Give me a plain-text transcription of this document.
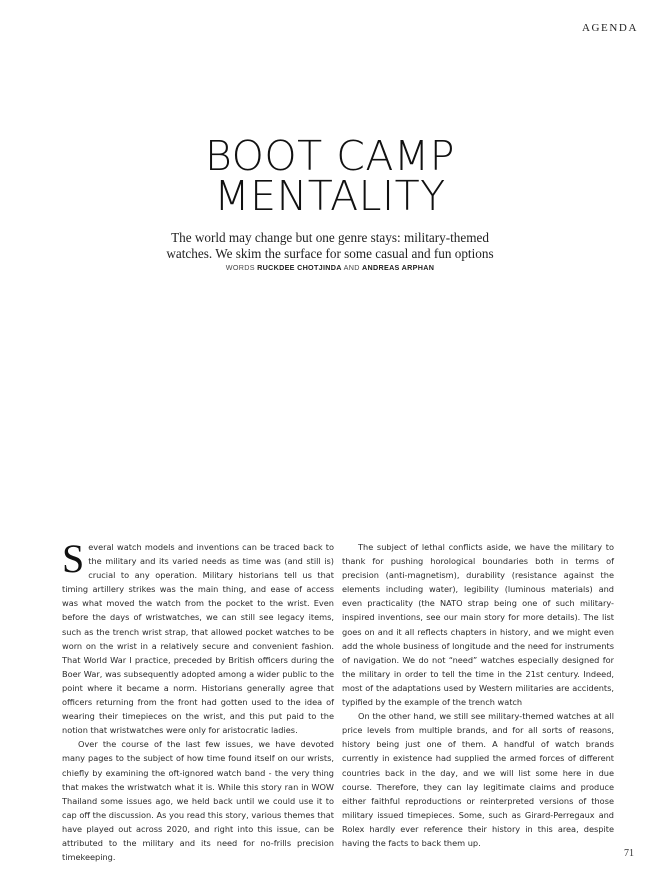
AGENDA
BOOT CAMP
MENTALITY

The world may change but one genre stays: military-themed watches. We skim the surface for some casual and fun options

WORDS RUCKDEE CHOTJINDA AND ANDREAS ARPHAN

Several watch models and inventions can be traced back to the military and its varied needs as time was (and still is) crucial to any operation. Military historians tell us that timing artillery strikes was the main thing, and ease of access was what moved the watch from the pocket to the wrist. Even before the days of wristwatches, we can still see legacy items, such as the trench wrist strap, that allowed pocket watches to be worn on the wrist in a relatively secure and convenient fashion. That World War I practice, preceded by British officers during the Boer War, was subsequently adopted among a wider public to the point where it became a norm. Historians generally agree that officers returning from the front had gotten used to the idea of wearing their timepieces on the wrist, and this put paid to the notion that wristwatches were only for aristocratic ladies.

Over the course of the last few issues, we have devoted many pages to the subject of how time found itself on our wrists, chiefly by examining the oft-ignored watch band - the very thing that makes the wristwatch what it is. While this story ran in WOW Thailand some issues ago, we held back until we could use it to cap off the discussion. As you read this story, various themes that have played out across 2020, and right into this issue, can be attributed to the military and its need for no-frills precision timekeeping.

The subject of lethal conflicts aside, we have the military to thank for pushing horological boundaries both in terms of precision (anti-magnetism), durability (resistance against the elements including water), legibility (luminous materials) and even practicality (the NATO strap being one of such military-inspired inventions, see our main story for more details). The list goes on and it all reflects chapters in history, and we might even add the whole business of longitude and the need for instruments of navigation. We do not “need” watches especially designed for the military in order to tell the time in the 21st century. Indeed, most of the adaptations used by Western militaries are accidents, typified by the example of the trench watch

On the other hand, we still see military-themed watches at all price levels from multiple brands, and for all sorts of reasons, history being just one of them. A handful of watch brands currently in existence had supplied the armed forces of different countries back in the day, and we will list some here in due course. Therefore, they can lay legitimate claims and produce either faithful reproductions or reinterpreted versions of those military issued timepieces. Some, such as Girard-Perregaux and Rolex hardly ever reference their history in this area, despite having the facts to back them up.

71
